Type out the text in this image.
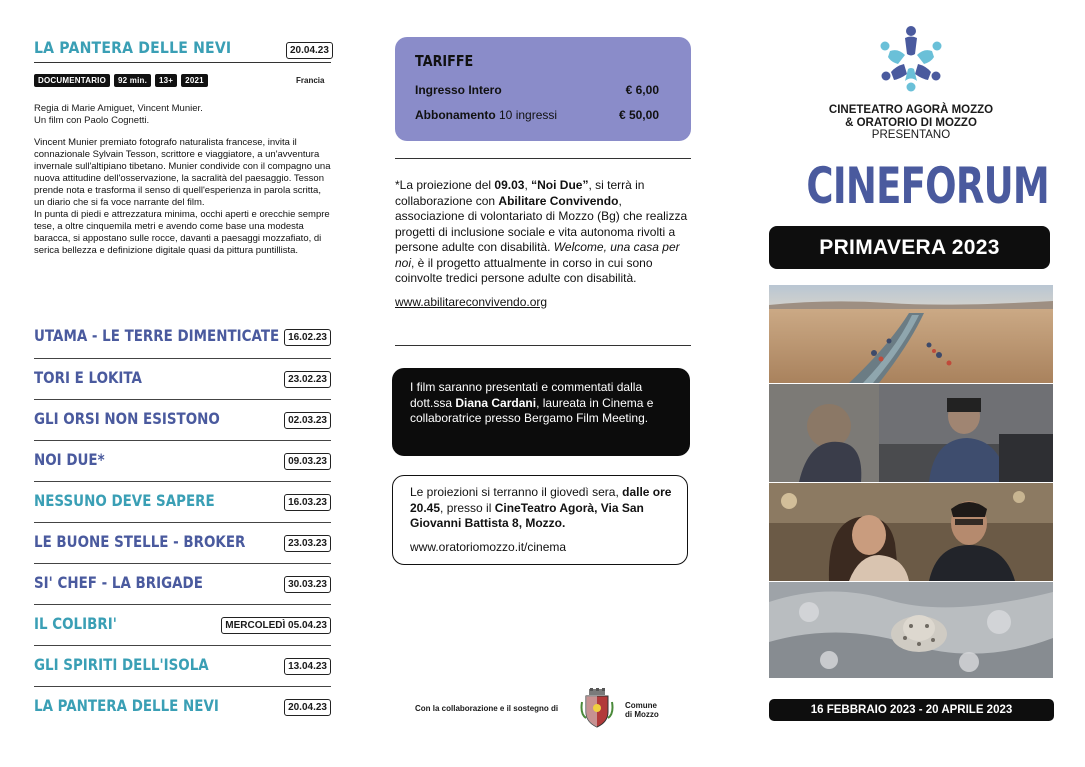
LA PANTERA DELLE NEVI	20.04.23
DOCUMENTARIO	92 min.	13+	2021	Francia
Regia di Marie Amiguet, Vincent Munier.
Un film con Paolo Cognetti.
Vincent Munier premiato fotografo naturalista francese, invita il connazionale Sylvain Tesson, scrittore e viaggiatore, a un'avventura invernale sull'altipiano tibetano. Munier condivide con il compagno una nuova attitudine dell'osservazione, la sacralità del paesaggio. Tesson prende nota e trasforma il senso di quell'esperienza in parola scritta, un diario che si fa voce narrante del film.
In punta di piedi e attrezzatura minima, occhi aperti e orecchie sempre tese, a oltre cinquemila metri e avendo come base una modesta baracca, si appostano sulle rocce, davanti a paesaggi mozzafiato, di serica bellezza e definizione digitale quasi da pittura puntillista.
UTAMA - LE TERRE DIMENTICATE 16.02.23
TORI E LOKITA	23.02.23
GLI ORSI NON ESISTONO	02.03.23
NOI DUE*	09.03.23
NESSUNO DEVE SAPERE	16.03.23
LE BUONE STELLE - BROKER	23.03.23
SI' CHEF - LA BRIGADE	30.03.23
IL COLIBRI'	MERCOLEDÌ 05.04.23
GLI SPIRITI DELL'ISOLA	13.04.23
LA PANTERA DELLE NEVI	20.04.23
TARIFFE
Ingresso Intero	€ 6,00
Abbonamento 10 ingressi	€ 50,00
*La proiezione del 09.03, “Noi Due”, si terrà in collaborazione con Abilitare Convivendo, associazione di volontariato di Mozzo (Bg) che realizza progetti di inclusione sociale e vita autonoma rivolti a persone adulte con disabilità. Welcome, una casa per noi, è il progetto attualmente in corso in cui sono coinvolte tredici persone adulte con disabilità.
www.abilitareconvivendo.org
I film saranno presentati e commentati dalla dott.ssa Diana Cardani, laureata in Cinema e collaboratrice presso Bergamo Film Meeting.
Le proiezioni si terranno il giovedì sera, dalle ore 20.45, presso il CineTeatro Agorà, Via San Giovanni Battista 8, Mozzo.
www.oratoriomozzo.it/cinema
Con la collaborazione e il sostegno di	Comune
di Mozzo
CINETEATRO AGORÀ MOZZO
& ORATORIO DI MOZZO
PRESENTANO
CINEFORUM
PRIMAVERA 2023
16 FEBBRAIO 2023 - 20 APRILE 2023
